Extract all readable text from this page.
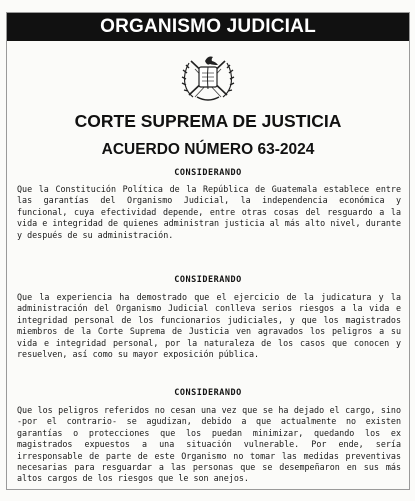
ORGANISMO JUDICIAL
CORTE SUPREMA DE JUSTICIA
ACUERDO NÚMERO 63-2024
CONSIDERANDO

Que la Constitución Política de la República de Guatemala establece entre las garantías del Organismo Judicial, la independencia económica y funcional, cuya efectividad depende, entre otras cosas del resguardo a la vida e integridad de quienes administran justicia al más alto nivel, durante y después de su administración.

CONSIDERANDO

Que la experiencia ha demostrado que el ejercicio de la judicatura y la administración del Organismo Judicial conlleva serios riesgos a la vida e integridad personal de los funcionarios judiciales, y que los magistrados miembros de la Corte Suprema de Justicia ven agravados los peligros a su vida e integridad personal, por la naturaleza de los casos que conocen y resuelven, así como su mayor exposición pública.

CONSIDERANDO

Que los peligros referidos no cesan una vez que se ha dejado el cargo, sino -por el contrario- se agudizan, debido a que actualmente no existen garantías o protecciones que los puedan minimizar, quedando los ex magistrados expuestos a una situación vulnerable. Por ende, sería irresponsable de parte de este Organismo no tomar las medidas preventivas necesarias para resguardar a las personas que se desempeñaron en sus más altos cargos de los riesgos que le son anejos.
